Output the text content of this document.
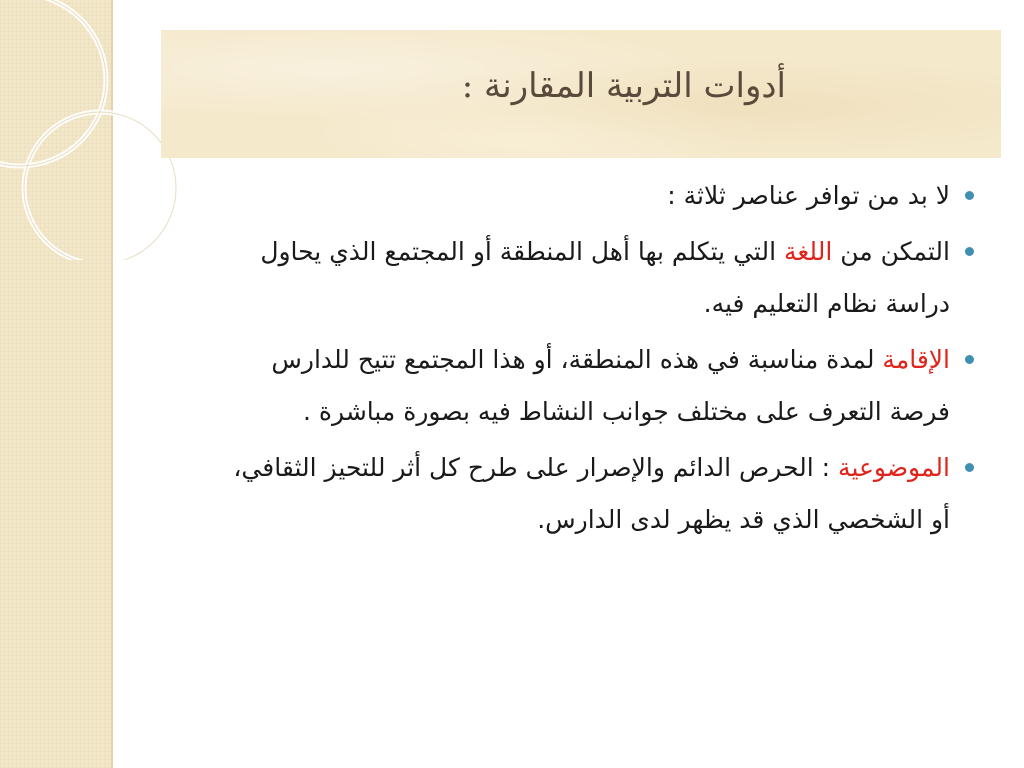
أدوات التربية المقارنة :
لا بد من توافر عناصر ثلاثة :
التمكن من اللغة التي يتكلم بها أهل المنطقة أو المجتمع الذي يحاول دراسة نظام التعليم فيه.
الإقامة لمدة مناسبة في هذه المنطقة، أو هذا المجتمع تتيح للدارس فرصة التعرف على مختلف جوانب النشاط فيه بصورة مباشرة .
الموضوعية : الحرص الدائم والإصرار على طرح كل أثر للتحيز الثقافي، أو الشخصي الذي قد يظهر لدى الدارس.
